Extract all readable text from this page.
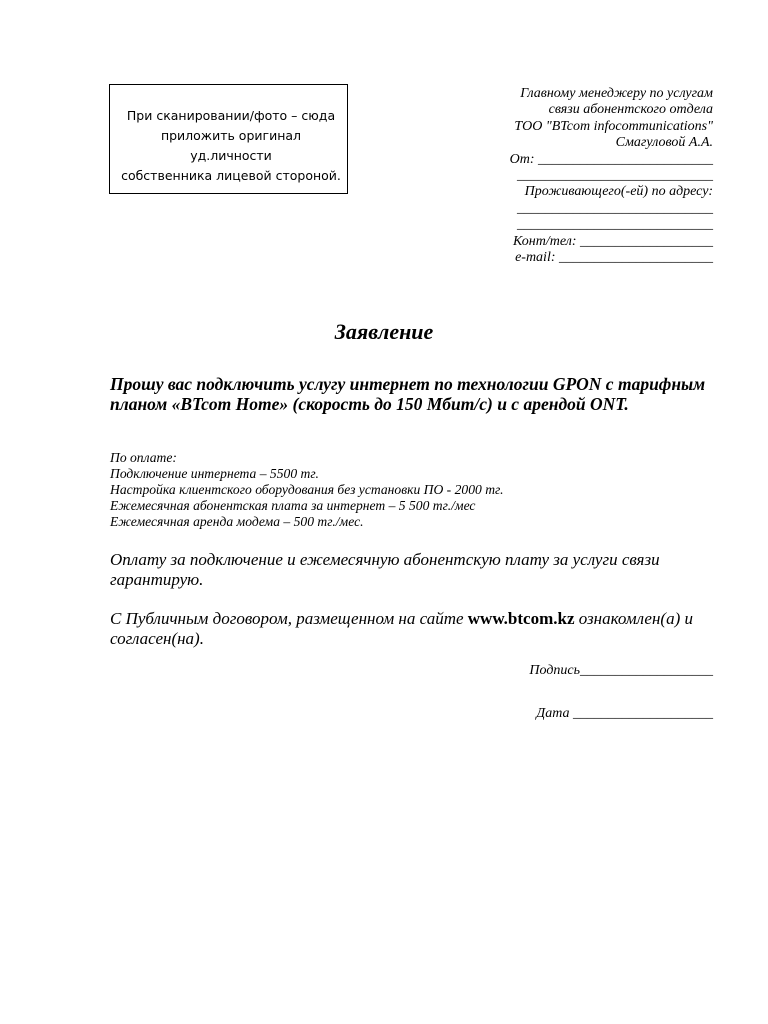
При сканировании/фото – сюда
приложить оригинал уд.личности
собственника лицевой стороной.
Главному менеджеру по услугам
связи абонентского отдела
ТОО "BTcom infocommunications"
Смагуловой А.А.
От: _________________________
____________________________
Проживающего(-ей) по адресу:
____________________________
____________________________
Конт/тел: ___________________
e-mail: ______________________
Заявление
Прошу вас подключить услугу интернет по технологии GPON с тарифным планом «BTcom Home» (скорость до 150 Мбит/с) и с арендой ONT.
По оплате:
Подключение интернета – 5500 тг.
Настройка клиентского оборудования без установки ПО - 2000 тг.
Ежемесячная абонентская плата за интернет – 5 500 тг./мес
Ежемесячная аренда модема – 500 тг./мес.
Оплату за подключение и ежемесячную абонентскую плату за услуги связи гарантирую.
С Публичным договором, размещенном на сайте www.btcom.kz ознакомлен(а) и согласен(на).
Подпись___________________
Дата ____________________
